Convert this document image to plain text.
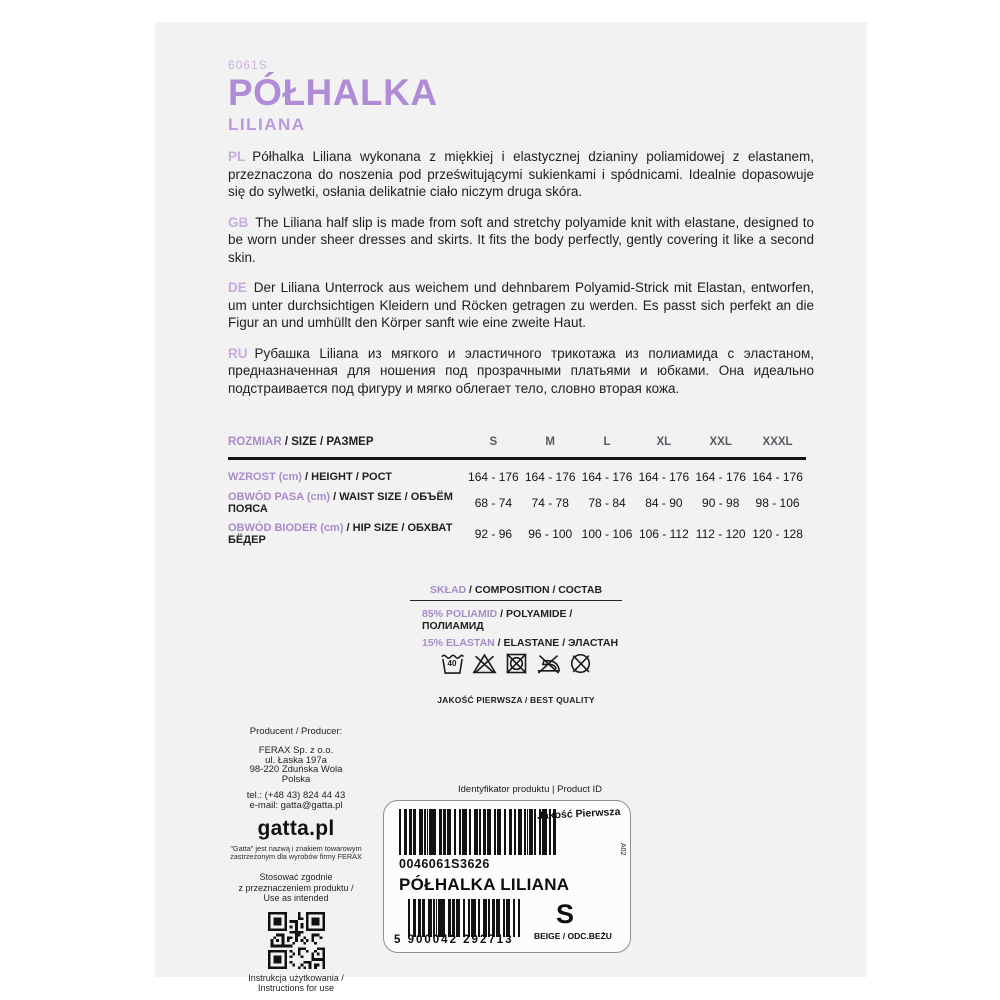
6061S
PÓŁHALKA
LILIANA

PL Półhalka Liliana wykonana z miękkiej i elastycznej dzianiny poliamidowej z elastanem, przeznaczona do noszenia pod prześwitującymi sukienkami i spódnicami. Idealnie dopasowuje się do sylwetki, osłania delikatnie ciało niczym druga skóra.

GB The Liliana half slip is made from soft and stretchy polyamide knit with elastane, designed to be worn under sheer dresses and skirts. It fits the body perfectly, gently covering it like a second skin.

DE Der Liliana Unterrock aus weichem und dehnbarem Polyamid-Strick mit Elastan, entworfen, um unter durchsichtigen Kleidern und Röcken getragen zu werden. Es passt sich perfekt an die Figur an und umhüllt den Körper sanft wie eine zweite Haut.

RU Рубашка Liliana из мягкого и эластичного трикотажа из полиамида с эластаном, предназначенная для ношения под прозрачными платьями и юбками. Она идеально подстраивается под фигуру и мягко облегает тело, словно вторая кожа.

ROZMIAR / SIZE / РАЗМЕР	S	M	L	XL	XXL	XXXL
WZROST (cm) / HEIGHT / РОСТ	164 - 176	164 - 176	164 - 176	164 - 176	164 - 176	164 - 176
OBWÓD PASA (cm) / WAIST SIZE / ОБЪЁМ ПОЯСА	68 - 74	74 - 78	78 - 84	84 - 90	90 - 98	98 - 106
OBWÓD BIODER (cm) / HIP SIZE / ОБХВАТ БЁДЕР	92 - 96	96 - 100	100 - 106	106 - 112	112 - 120	120 - 128
SKŁAD / COMPOSITION / СОСТАВ
85% POLIAMID / POLYAMIDE / ПОЛИАМИД
15% ELASTAN / ELASTANE / ЭЛАСТАН
40
JAKOŚĆ PIERWSZA / BEST QUALITY
Producent / Producer:
FERAX Sp. z o.o.
ul. Łaska 197a
98-220 Zduńska Wola
Polska
tel.: (+48 43) 824 44 43
e-mail: gatta@gatta.pl
gatta.pl
"Gatta" jest nazwą i znakiem towarowym
zastrzeżonym dla wyrobów firmy FERAX
Stosować zgodnie
z przeznaczeniem produktu /
Use as intended
Instrukcja użytkowania /
Instructions for use
Identyfikator produktu | Product ID
Jakość Pierwsza
A02
0046061S3626
PÓŁHALKA LILIANA
5 900042 292713
S
BEIGE / ODC.BEŻU
